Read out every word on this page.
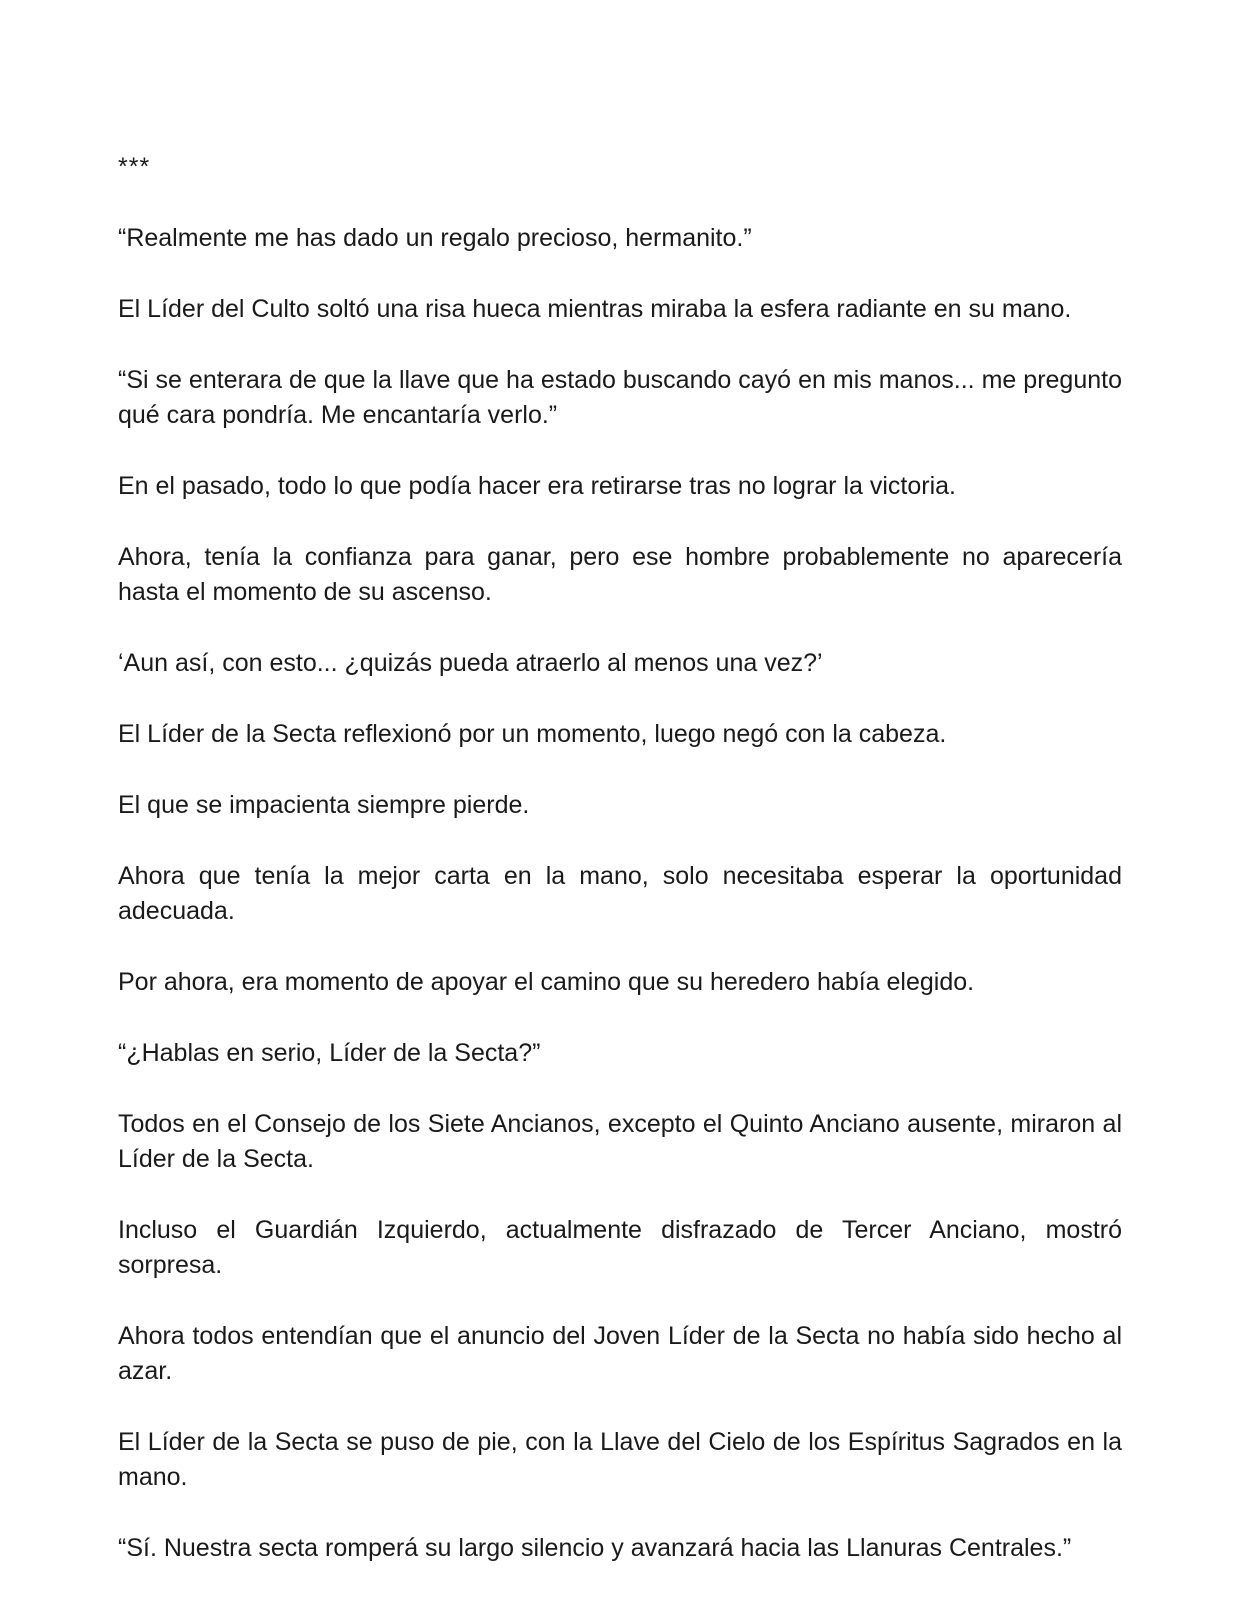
***

“Realmente me has dado un regalo precioso, hermanito.”

El Líder del Culto soltó una risa hueca mientras miraba la esfera radiante en su mano.

“Si se enterara de que la llave que ha estado buscando cayó en mis manos... me pregunto qué cara pondría. Me encantaría verlo.”

En el pasado, todo lo que podía hacer era retirarse tras no lograr la victoria.

Ahora, tenía la confianza para ganar, pero ese hombre probablemente no aparecería hasta el momento de su ascenso.

‘Aun así, con esto... ¿quizás pueda atraerlo al menos una vez?’

El Líder de la Secta reflexionó por un momento, luego negó con la cabeza.

El que se impacienta siempre pierde.

Ahora que tenía la mejor carta en la mano, solo necesitaba esperar la oportunidad adecuada.

Por ahora, era momento de apoyar el camino que su heredero había elegido.

“¿Hablas en serio, Líder de la Secta?”

Todos en el Consejo de los Siete Ancianos, excepto el Quinto Anciano ausente, miraron al Líder de la Secta.

Incluso el Guardián Izquierdo, actualmente disfrazado de Tercer Anciano, mostró sorpresa.

Ahora todos entendían que el anuncio del Joven Líder de la Secta no había sido hecho al azar.

El Líder de la Secta se puso de pie, con la Llave del Cielo de los Espíritus Sagrados en la mano.

“Sí. Nuestra secta romperá su largo silencio y avanzará hacia las Llanuras Centrales.”
